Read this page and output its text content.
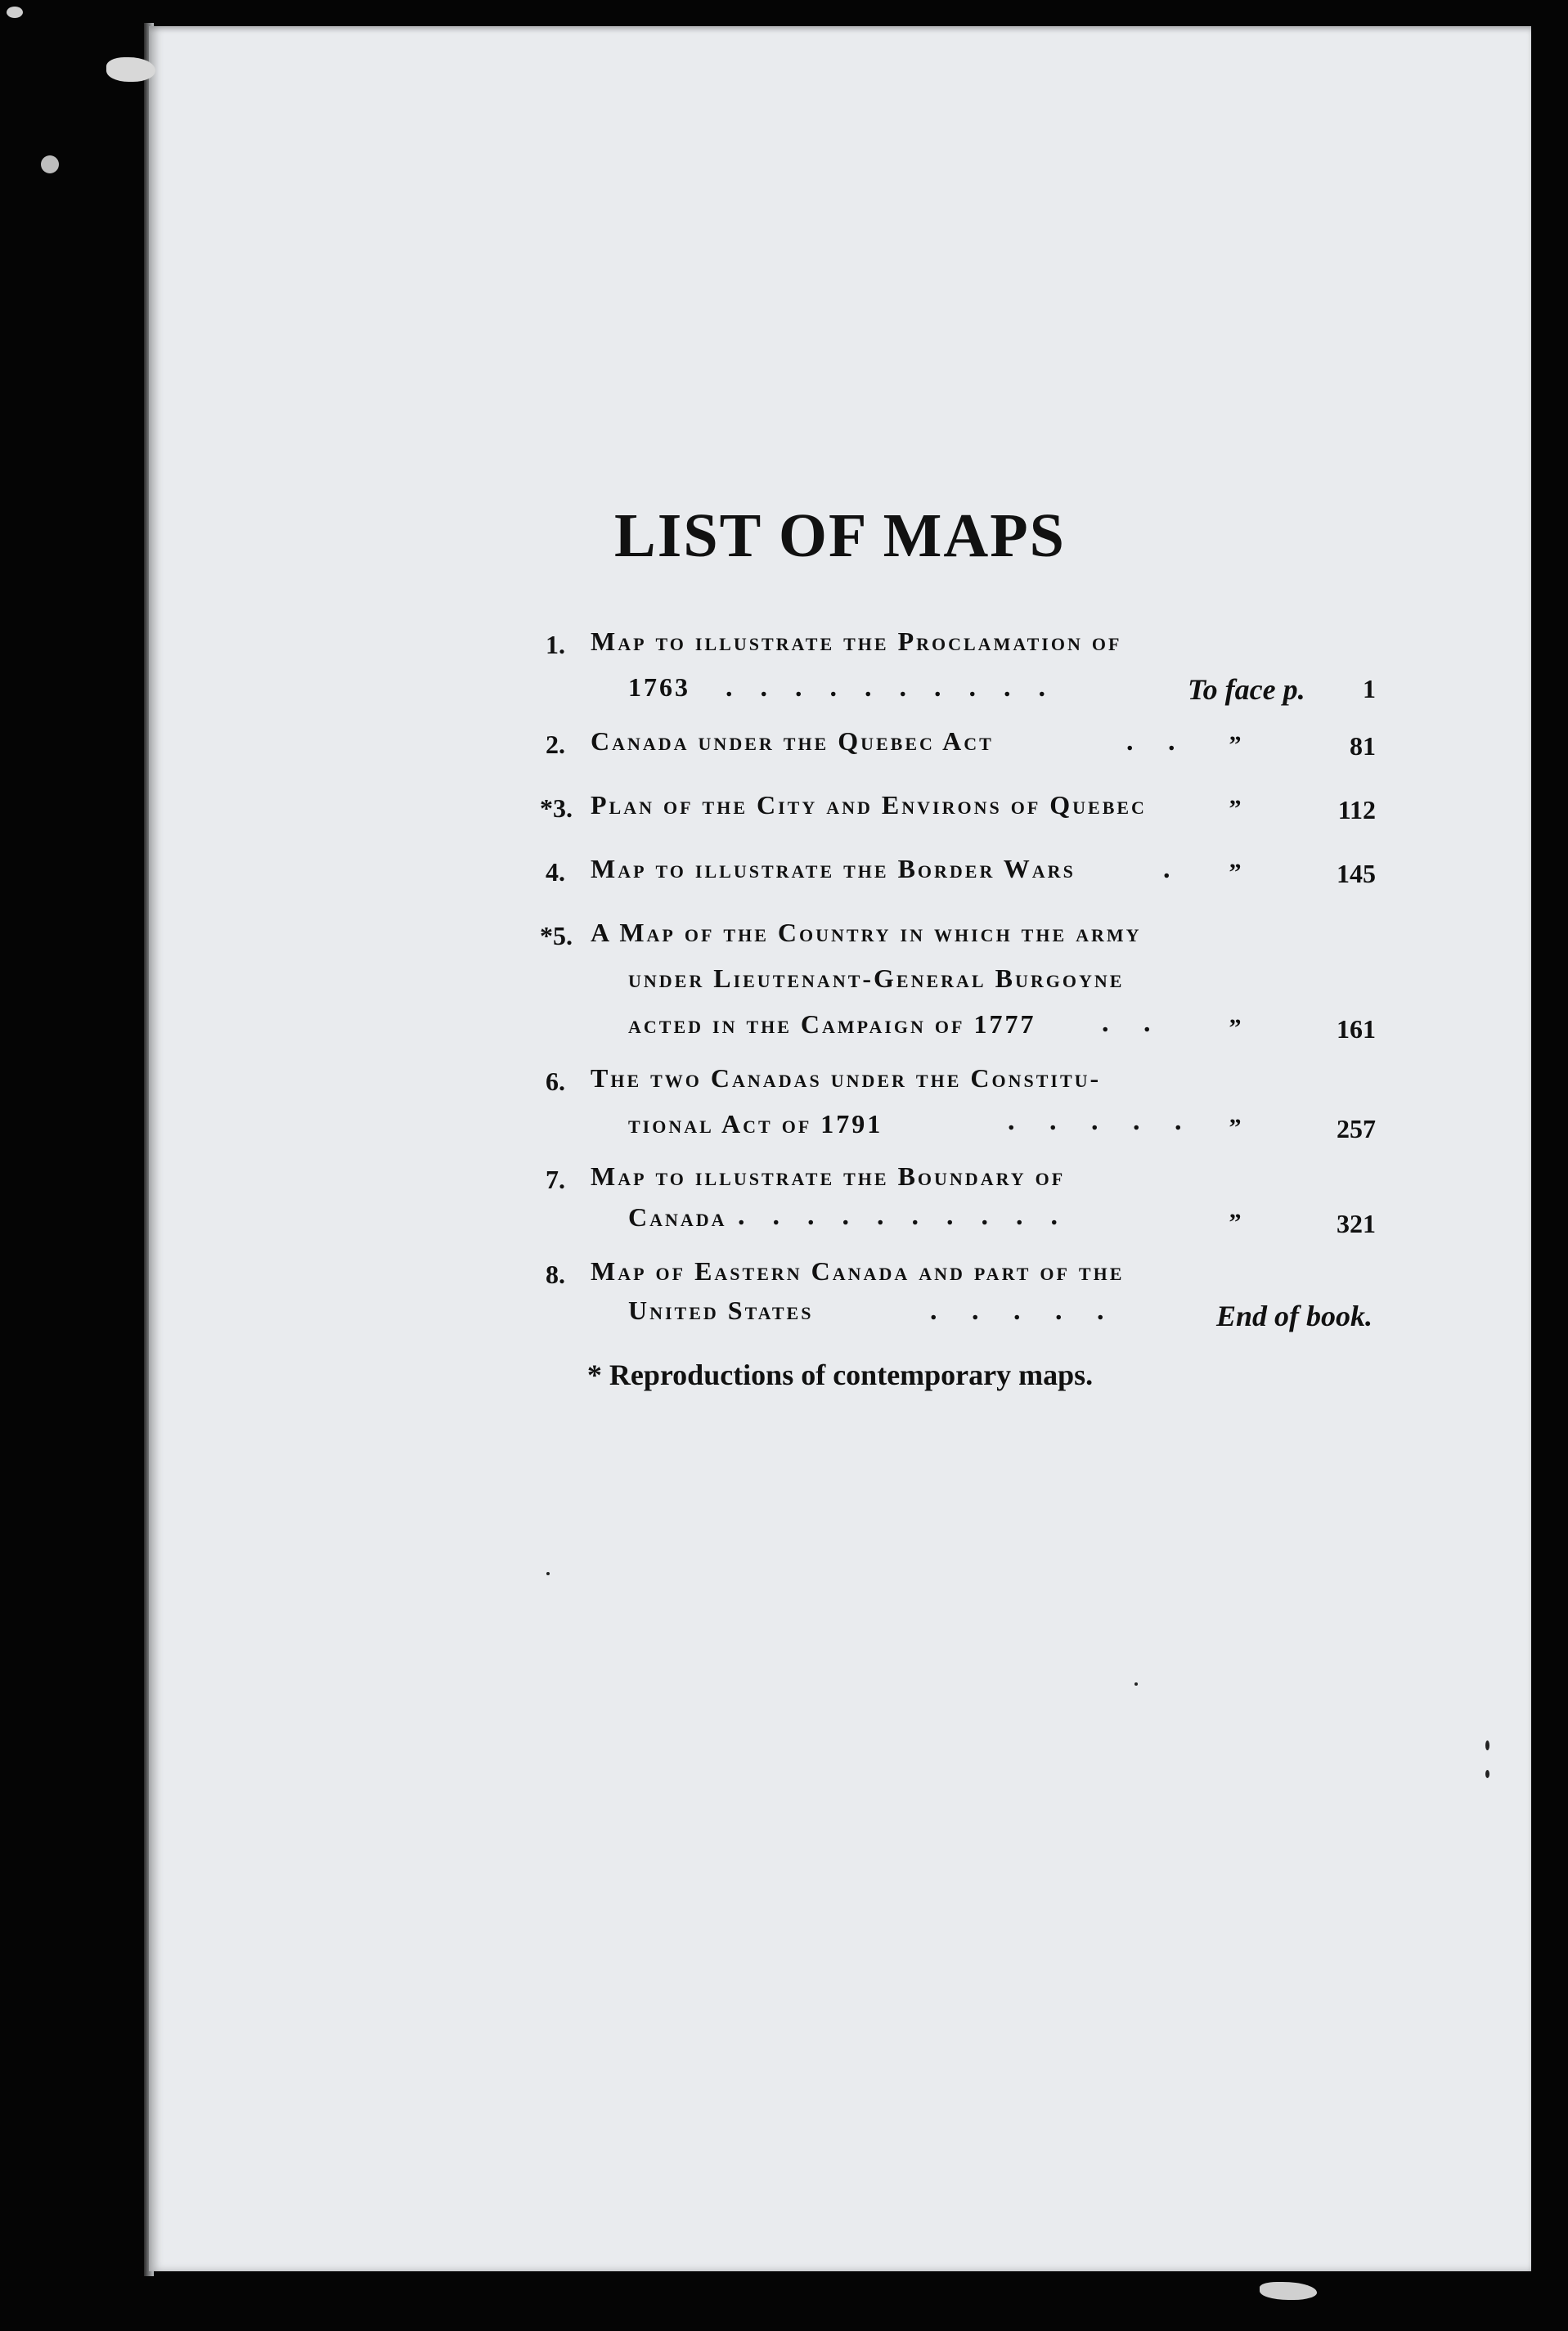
LIST OF MAPS
1. Map to illustrate the Proclamation of
1763 .    .    .    .    .    .    .    .    .    .	To face p.	1
2. Canada under the Quebec Act	.     .	”	81
*3. Plan of the City and Environs of Quebec	”	112
4. Map to illustrate the Border Wars	.	”	145
*5. A Map of the Country in which the army
under Lieutenant-General Burgoyne
acted in the Campaign of 1777 .     .	”	161
6. The two Canadas under the Constitu-
tional Act of 1791	.     .     .     .     .	”	257
7. Map to illustrate the Boundary of
Canada .    .    .    .    .    .    .    .    .    .	”	321
8. Map of Eastern Canada and part of the
United States	.     .     .     .     .	End of book.
* Reproductions of contemporary maps.
